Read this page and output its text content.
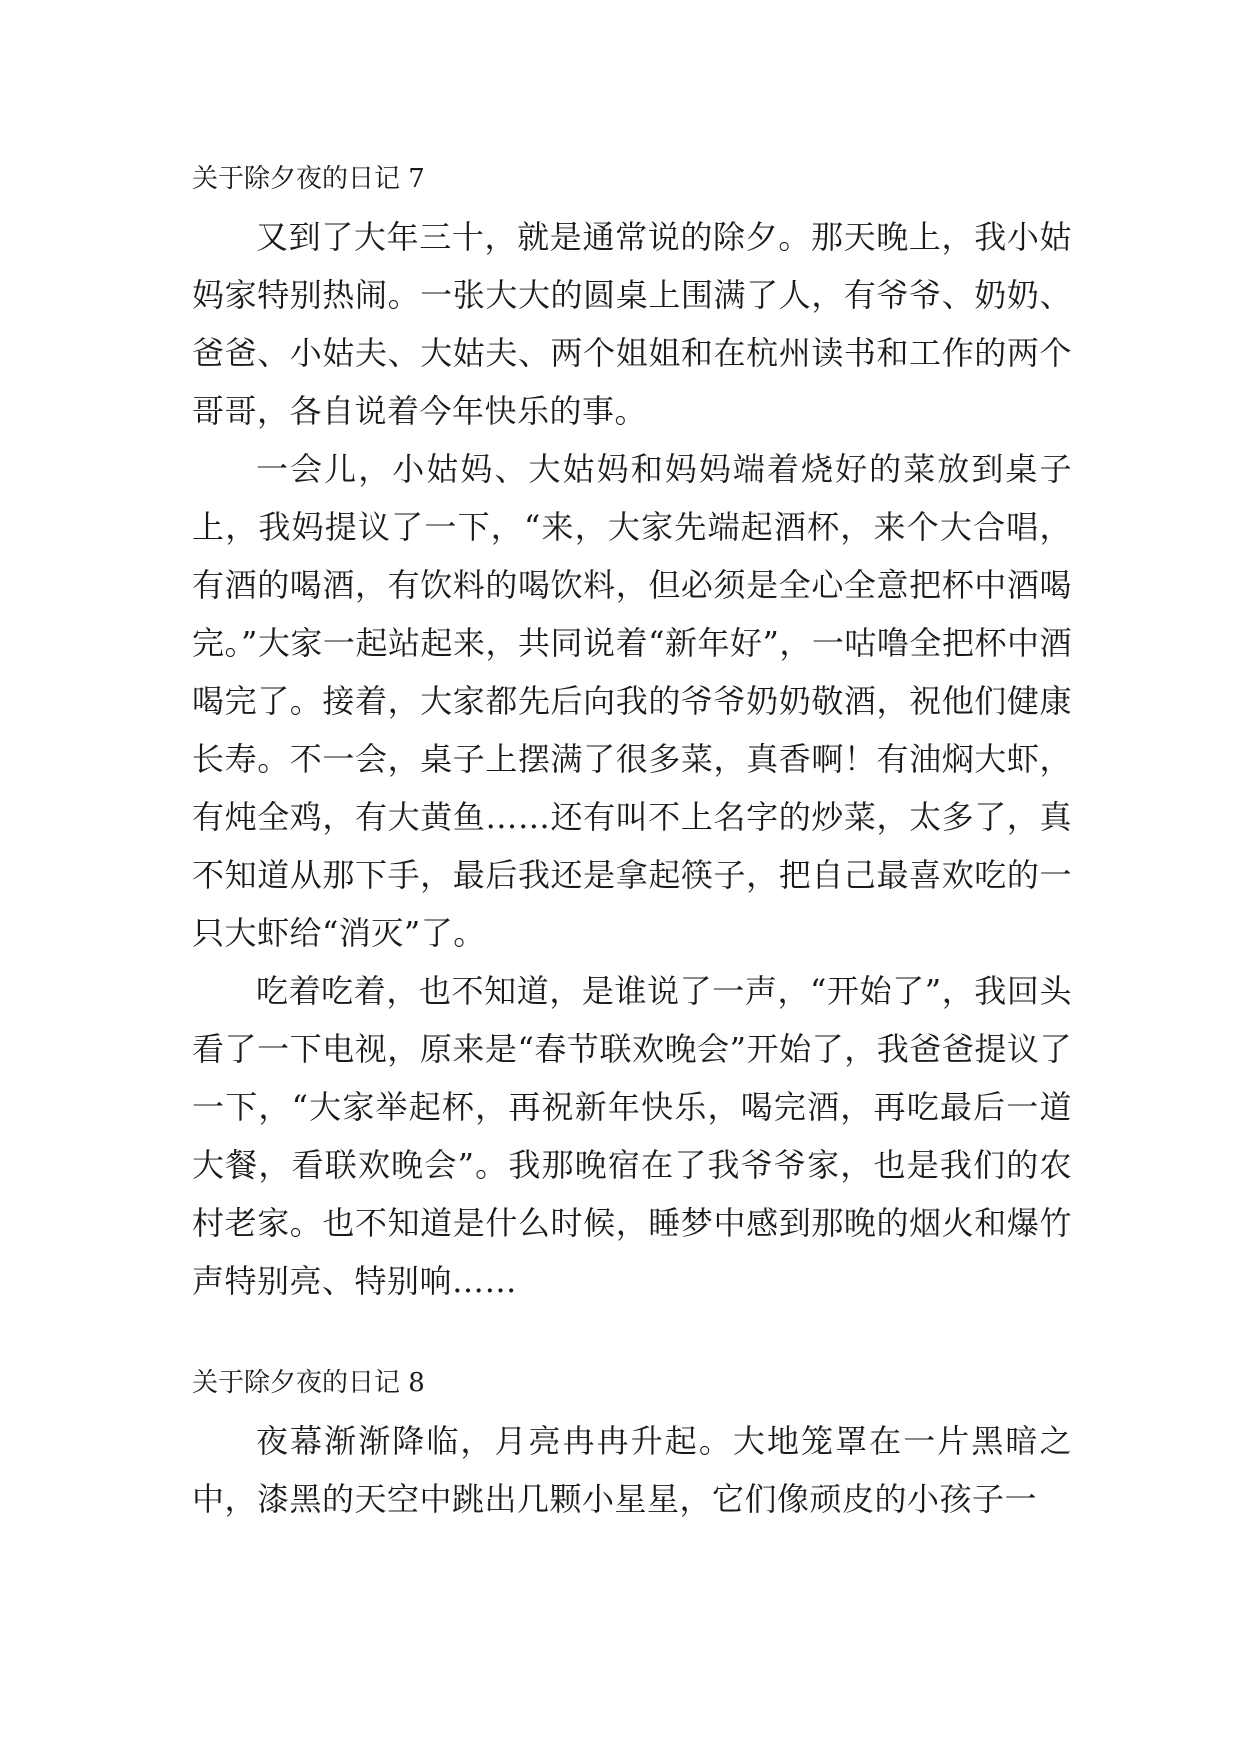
关于除夕夜的日记 7

又到了大年三十，就是通常说的除夕。那天晚上，我小姑妈家特别热闹。一张大大的圆桌上围满了人，有爷爷、奶奶、爸爸、小姑夫、大姑夫、两个姐姐和在杭州读书和工作的两个哥哥，各自说着今年快乐的事。

一会儿，小姑妈、大姑妈和妈妈端着烧好的菜放到桌子上，我妈提议了一下，“来，大家先端起酒杯，来个大合唱，有酒的喝酒，有饮料的喝饮料，但必须是全心全意把杯中酒喝完。”大家一起站起来，共同说着“新年好”，一咕噜全把杯中酒喝完了。接着，大家都先后向我的爷爷奶奶敬酒，祝他们健康长寿。不一会，桌子上摆满了很多菜，真香啊！有油焖大虾，有炖全鸡，有大黄鱼……还有叫不上名字的炒菜，太多了，真不知道从那下手，最后我还是拿起筷子，把自己最喜欢吃的一只大虾给“消灭”了。

吃着吃着，也不知道，是谁说了一声，“开始了”，我回头看了一下电视，原来是“春节联欢晚会”开始了，我爸爸提议了一下，“大家举起杯，再祝新年快乐，喝完酒，再吃最后一道大餐，看联欢晚会”。我那晚宿在了我爷爷家，也是我们的农村老家。也不知道是什么时候，睡梦中感到那晚的烟火和爆竹声特别亮、特别响……

关于除夕夜的日记 8

夜幕渐渐降临，月亮冉冉升起。大地笼罩在一片黑暗之中，漆黑的天空中跳出几颗小星星，它们像顽皮的小孩子一
